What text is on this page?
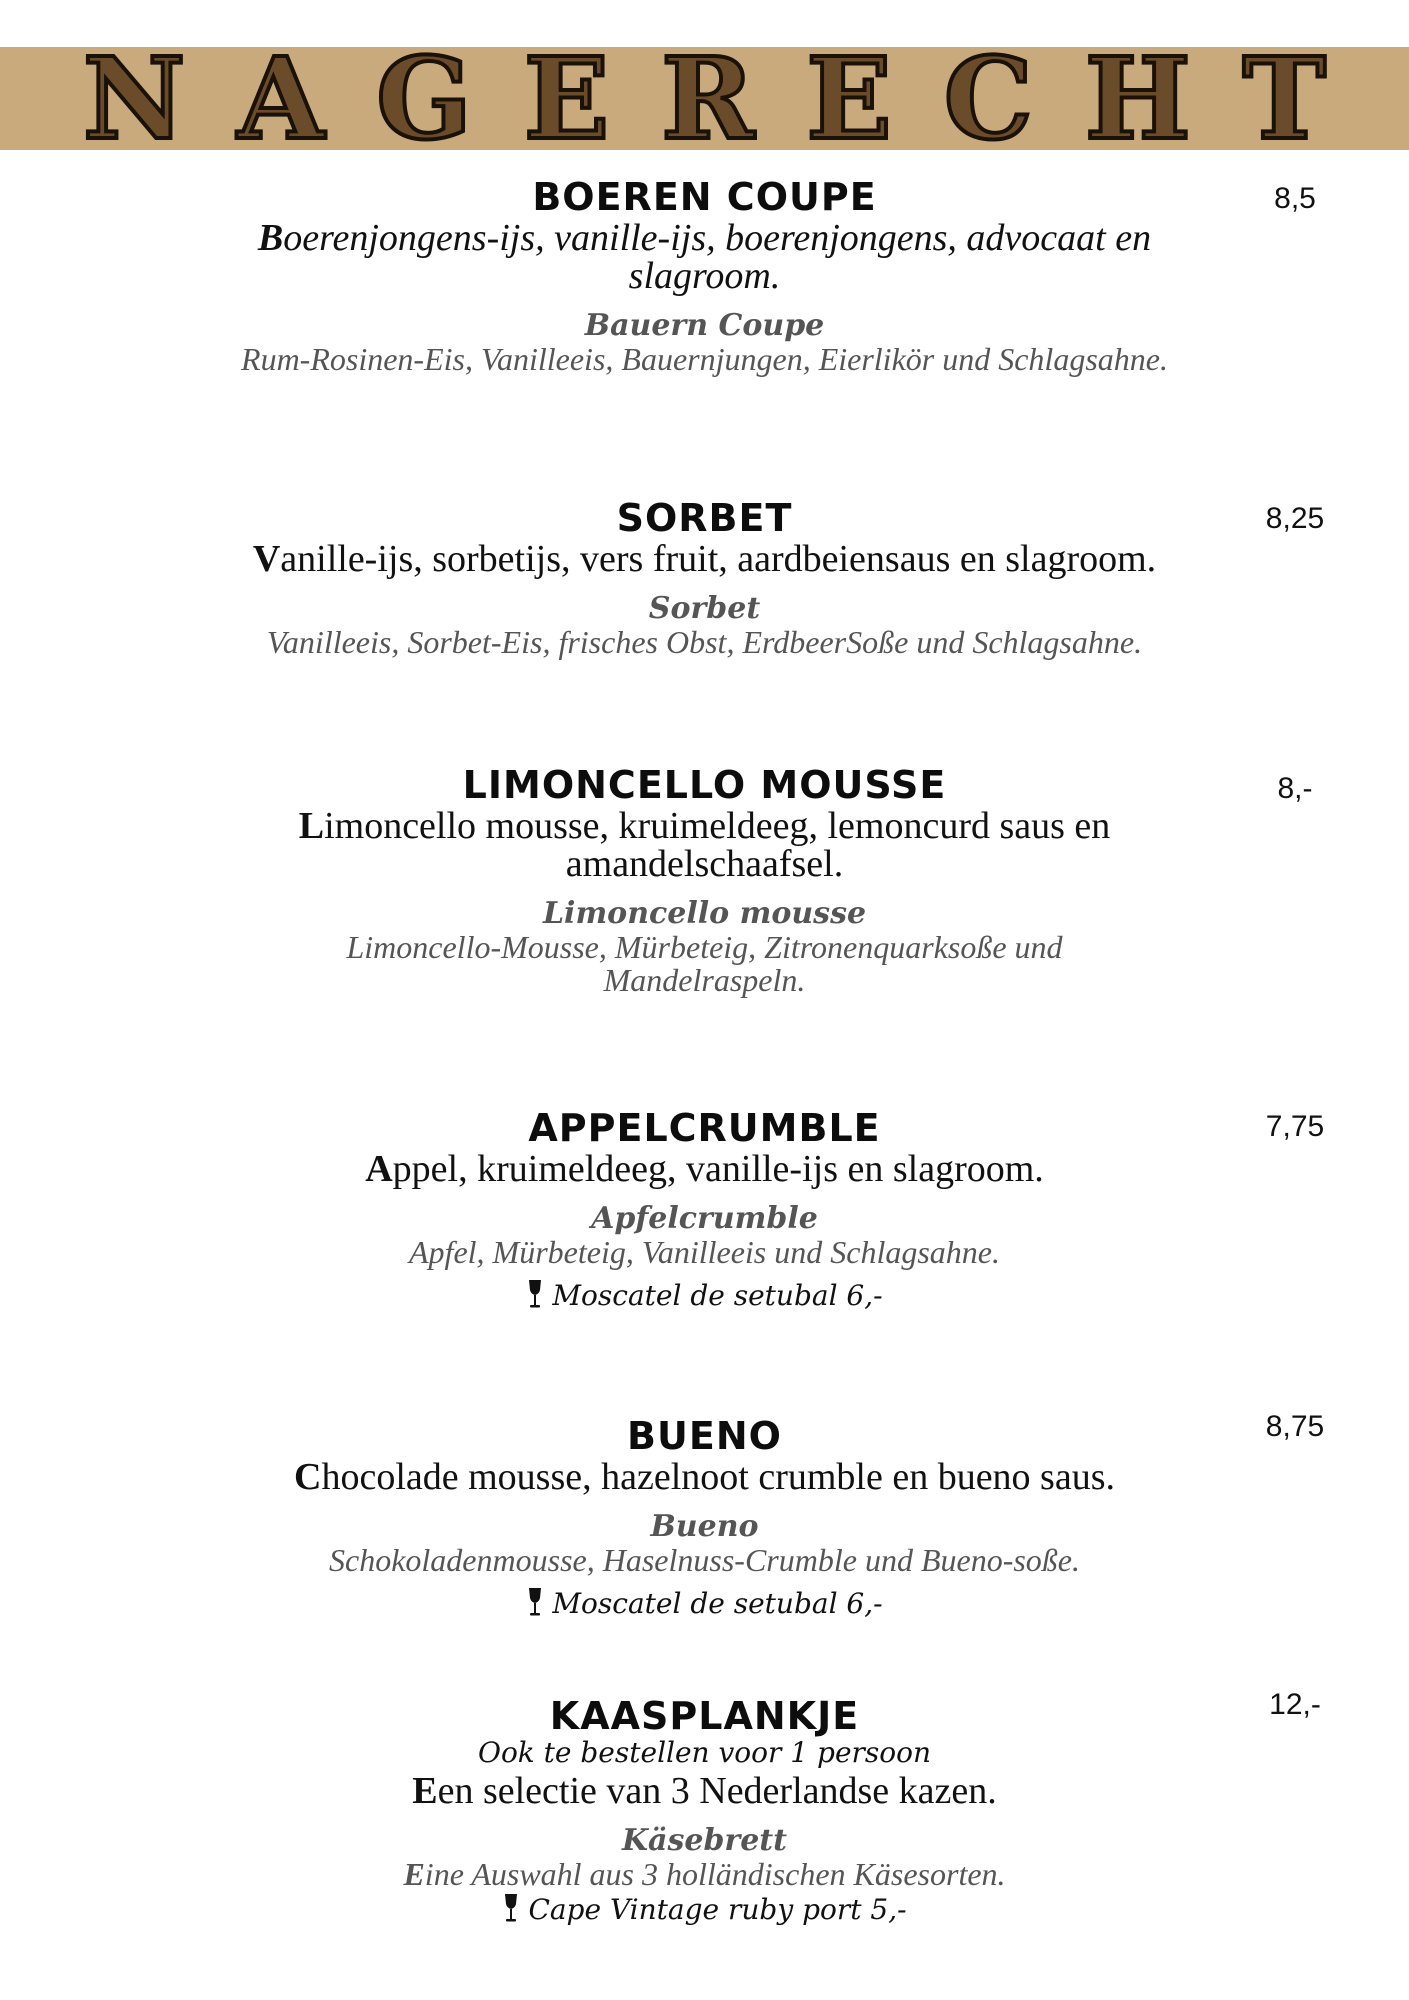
NAGERECHT
BOEREN COUPE
Boerenjongens-ijs, vanille-ijs, boerenjongens, advocaat en slagroom.
Bauern Coupe
Rum-Rosinen-Eis, Vanilleeis, Bauernjungen, Eierlikör und Schlagsahne.
8,5
SORBET
Vanille-ijs, sorbetijs, vers fruit, aardbeiensaus en slagroom.
Sorbet
Vanilleeis, Sorbet-Eis, frisches Obst, ErdbeerSoße und Schlagsahne.
8,25
LIMONCELLO MOUSSE
Limoncello mousse, kruimeldeeg, lemoncurd saus en amandelschaafsel.
Limoncello mousse
Limoncello-Mousse, Mürbeteig, Zitronenquarksoße und Mandelraspeln.
8,-
APPELCRUMBLE
Appel, kruimeldeeg, vanille-ijs en slagroom.
Apfelcrumble
Apfel, Mürbeteig, Vanilleeis und Schlagsahne.
Moscatel de setubal 6,-
7,75
BUENO
Chocolade mousse, hazelnoot crumble en bueno saus.
Bueno
Schokoladenmousse, Haselnuss-Crumble und Bueno-soße.
Moscatel de setubal 6,-
8,75
KAASPLANKJE
Ook te bestellen voor 1 persoon
Een selectie van 3 Nederlandse kazen.
Käsebrett
Eine Auswahl aus 3 holländischen Käsesorten.
Cape Vintage ruby port 5,-
12,-
